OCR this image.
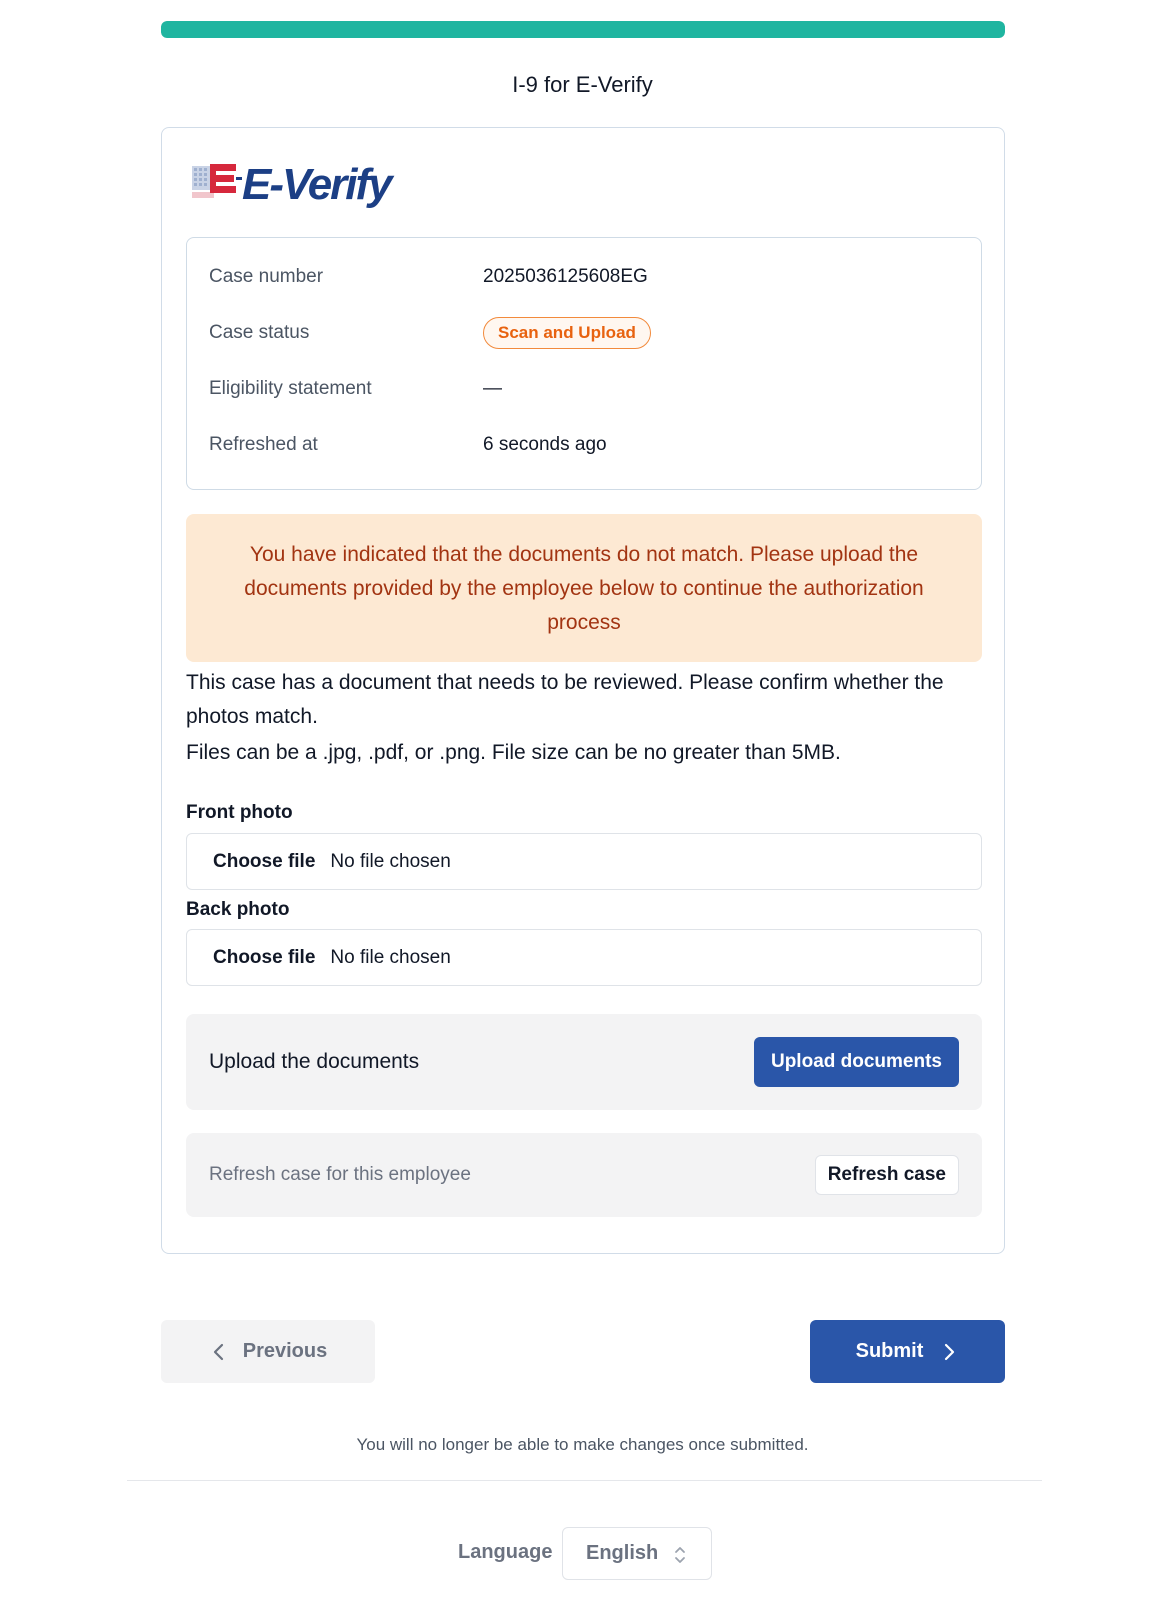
I-9 for E-Verify
E-Verify
Case number	2025036125608EG
Case status	Scan and Upload
Eligibility statement	—
Refreshed at	6 seconds ago
You have indicated that the documents do not match. Please upload the documents provided by the employee below to continue the authorization process
This case has a document that needs to be reviewed. Please confirm whether the photos match.
Files can be a .jpg, .pdf, or .png. File size can be no greater than 5MB.
Front photo
Choose file No file chosen
Back photo
Choose file No file chosen
Upload the documents	Upload documents
Refresh case for this employee	Refresh case
Previous	Submit
You will no longer be able to make changes once submitted.
Language English
